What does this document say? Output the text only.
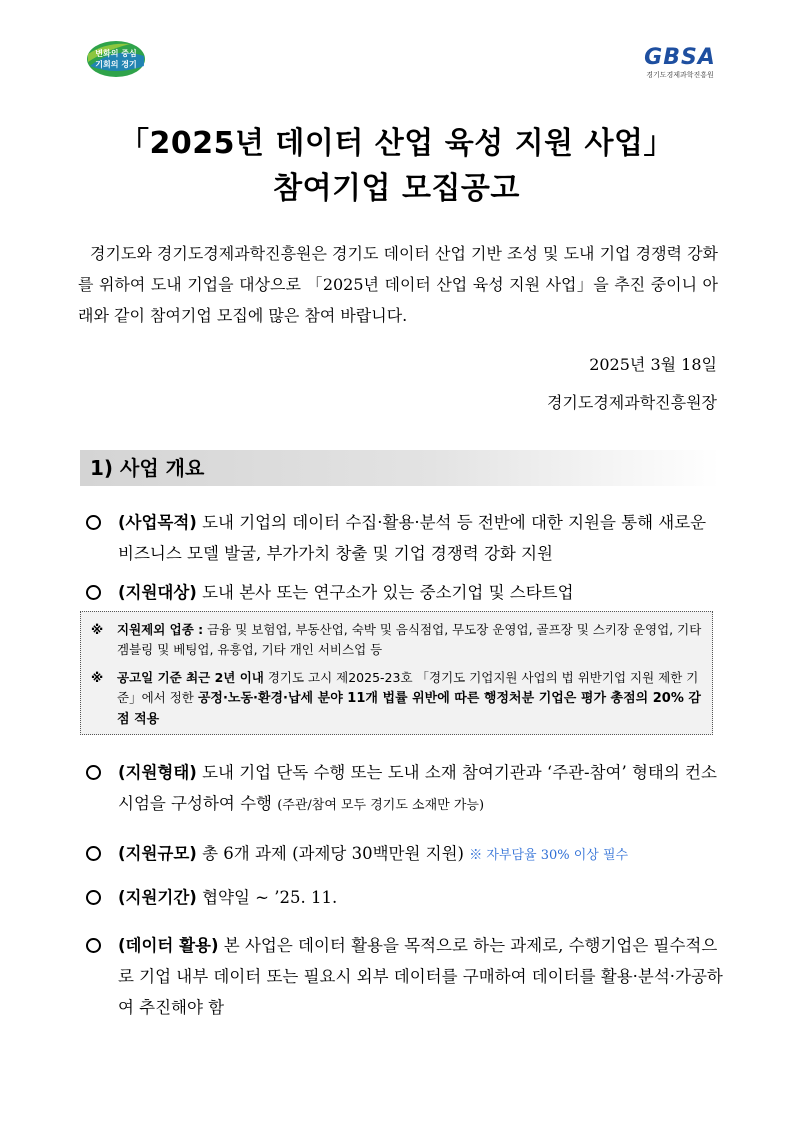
변화의 중심
기회의 경기	GBSA
경기도경제과학진흥원
「2025년 데이터 산업 육성 지원 사업」
참여기업 모집공고

경기도와 경기도경제과학진흥원은 경기도 데이터 산업 기반 조성 및 도내 기업 경쟁력 강화를 위하여 도내 기업을 대상으로 「2025년 데이터 산업 육성 지원 사업」을 추진 중이니 아래와 같이 참여기업 모집에 많은 참여 바랍니다.

2025년 3월 18일
경기도경제과학진흥원장
1) 사업 개요
(사업목적) 도내 기업의 데이터 수집·활용·분석 등 전반에 대한 지원을 통해 새로운 비즈니스 모델 발굴, 부가가치 창출 및 기업 경쟁력 강화 지원
(지원대상) 도내 본사 또는 연구소가 있는 중소기업 및 스타트업
※ 지원제외 업종 : 금융 및 보험업, 부동산업, 숙박 및 음식점업, 무도장 운영업, 골프장 및 스키장 운영업, 기타 겜블링 및 베팅업, 유흥업, 기타 개인 서비스업 등
※ 공고일 기준 최근 2년 이내 경기도 고시 제2025-23호 「경기도 기업지원 사업의 법 위반기업 지원 제한 기준」에서 정한 공정·노동·환경·납세 분야 11개 법률 위반에 따른 행정처분 기업은 평가 총점의 20% 감점 적용
(지원형태) 도내 기업 단독 수행 또는 도내 소재 참여기관과 ‘주관-참여’ 형태의 컨소시엄을 구성하여 수행 (주관/참여 모두 경기도 소재만 가능)
(지원규모) 총 6개 과제 (과제당 30백만원 지원) ※ 자부담율 30% 이상 필수
(지원기간) 협약일 ~ ’25. 11.
(데이터 활용) 본 사업은 데이터 활용을 목적으로 하는 과제로, 수행기업은 필수적으로 기업 내부 데이터 또는 필요시 외부 데이터를 구매하여 데이터를 활용·분석·가공하여 추진해야 함
